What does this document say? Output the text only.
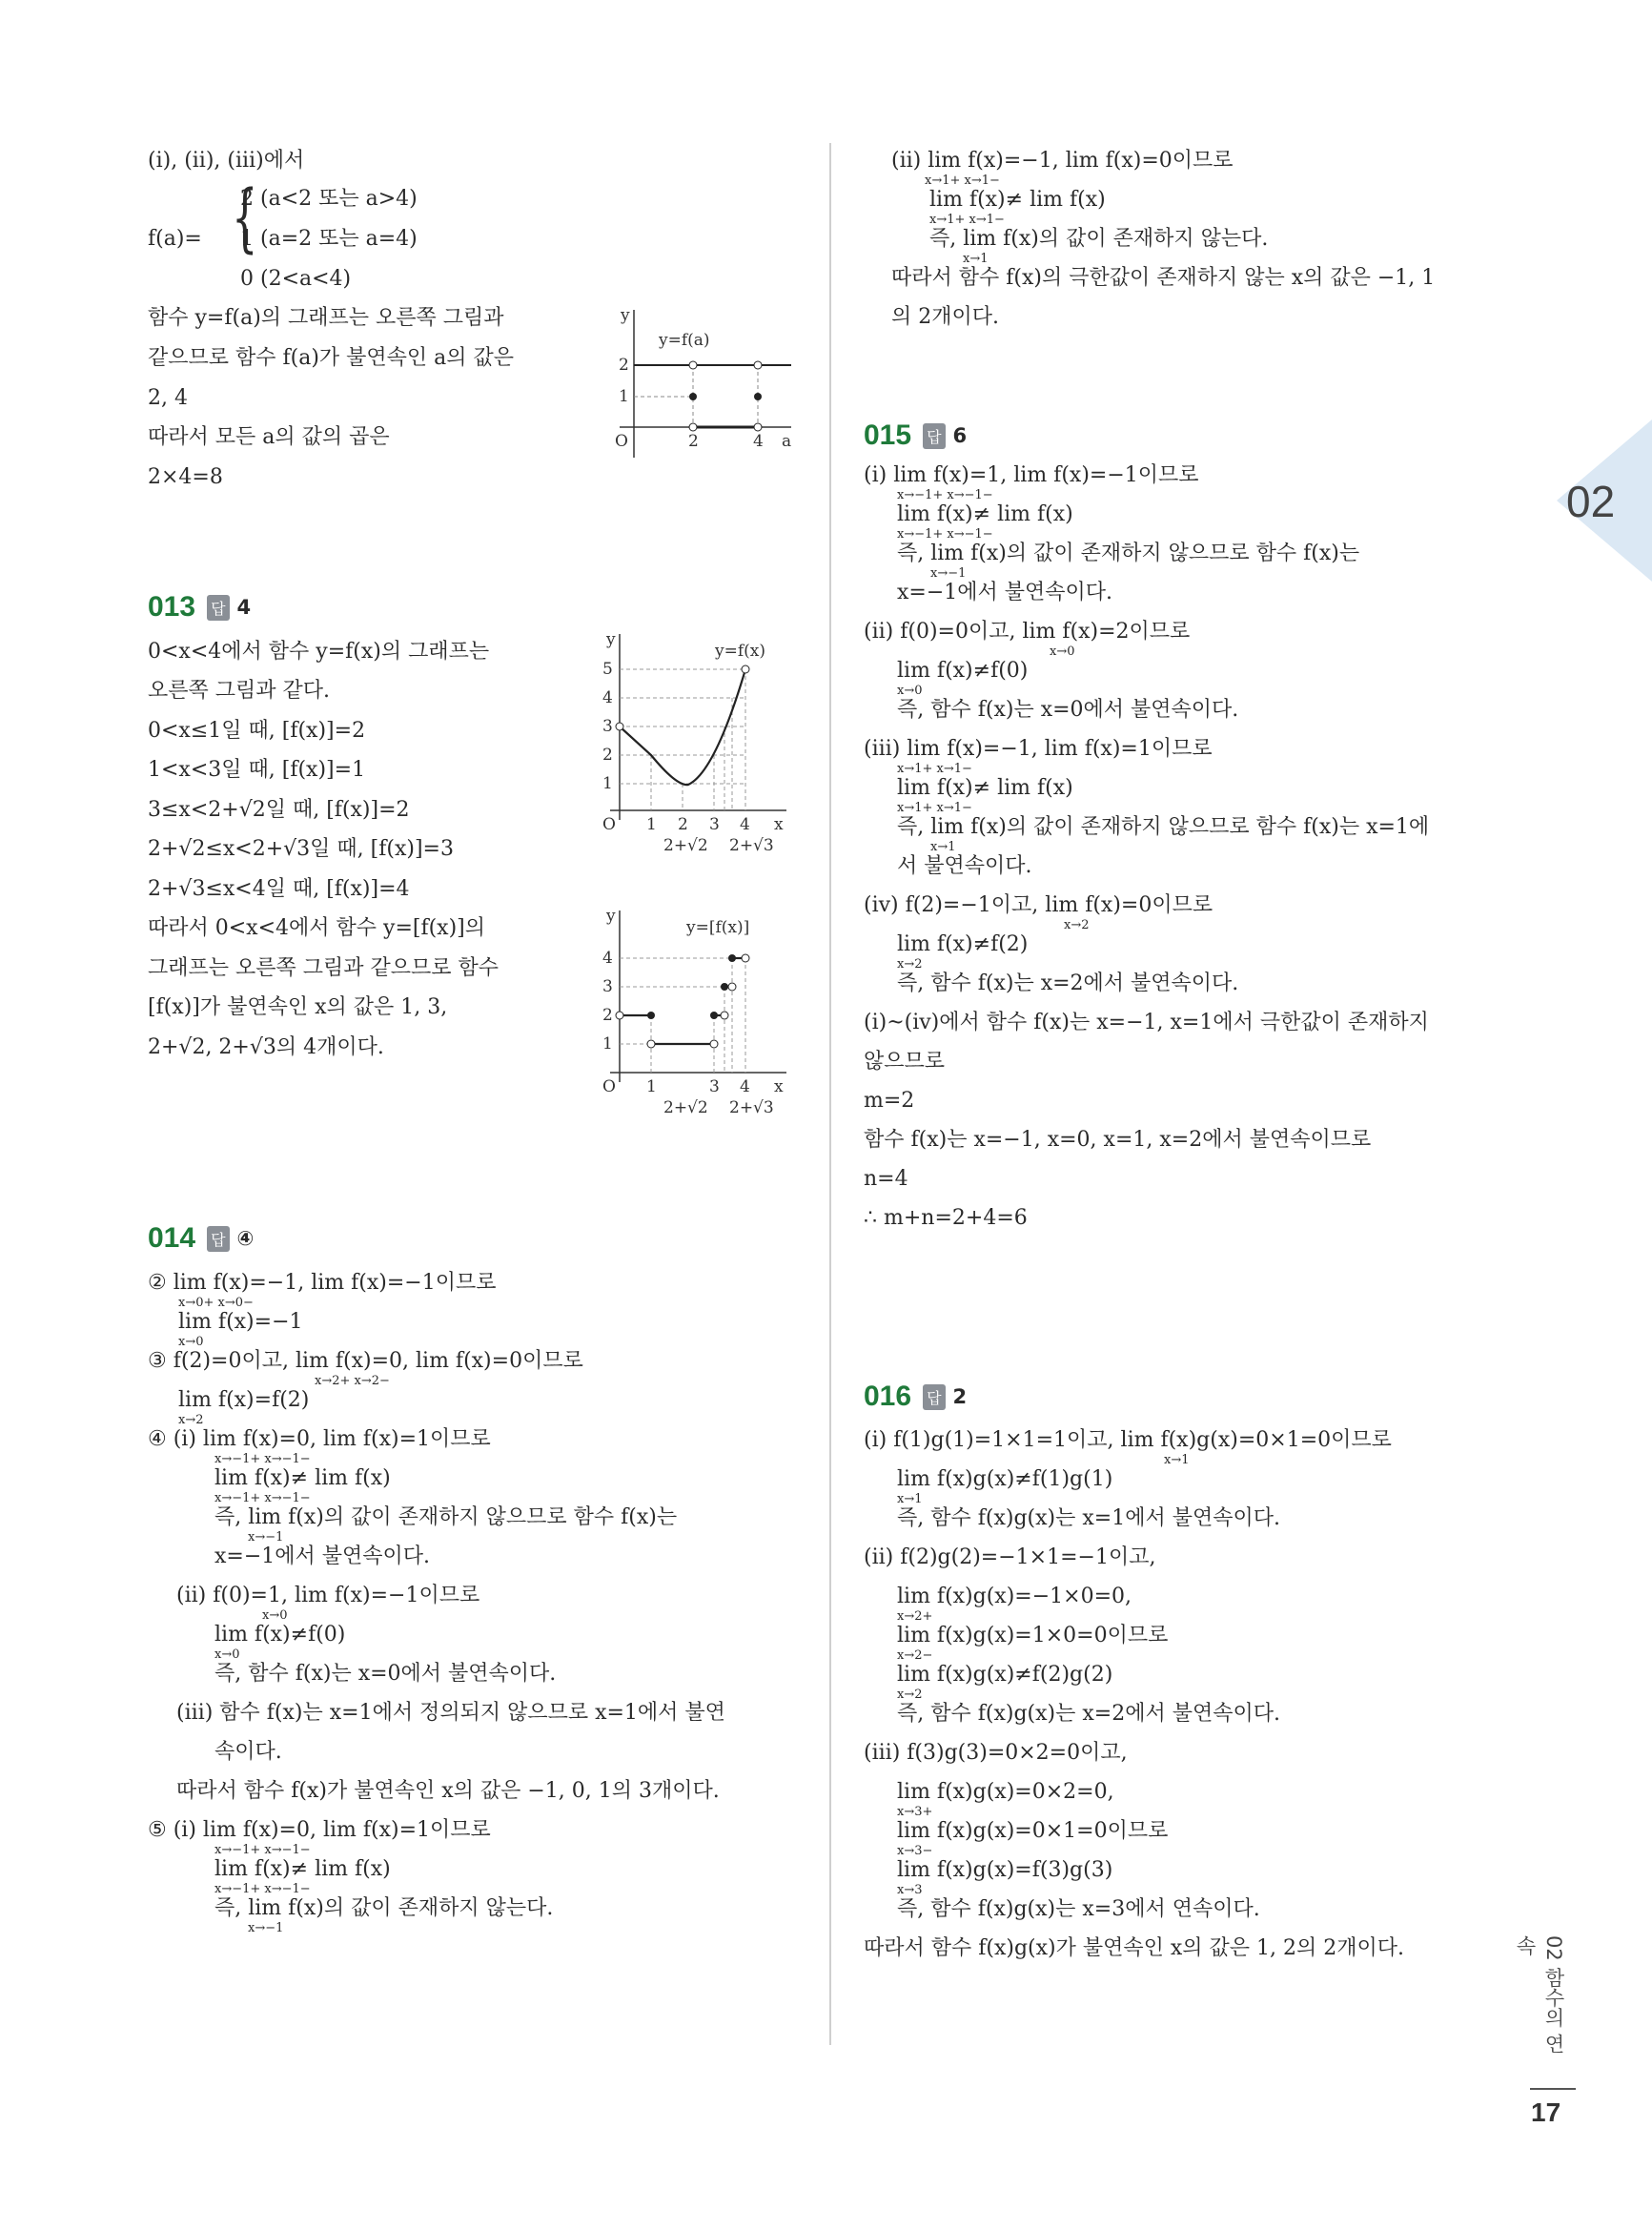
(ⅰ), (ⅱ), (ⅲ)에서
2 (a<2 또는 a>4)
f(a)= {
1 (a=2 또는 a=4)
0 (2<a<4)
함수 y=f(a)의 그래프는 오른쪽 그림과
같으므로 함수 f(a)가 불연속인 a의 값은
2, 4
따라서 모든 a의 값의 곱은
2×4=8
y
y=f(a)
2
1
O	2	4 a
013 답 4
0<x<4에서 함수 y=f(x)의 그래프는
오른쪽 그림과 같다.
0<x≤1일 때, [f(x)]=2
1<x<3일 때, [f(x)]=1
3≤x<2+√2일 때, [f(x)]=2
2+√2≤x<2+√3일 때, [f(x)]=3
2+√3≤x<4일 때, [f(x)]=4
따라서 0<x<4에서 함수 y=[f(x)]의
그래프는 오른쪽 그림과 같으므로 함수
[f(x)]가 불연속인 x의 값은 1, 3,
2+√2, 2+√3의 4개이다.
y
y=f(x)
5
4
3
2
1
O 1 2 3 4 x
2+√2 2+√3
y
y=[f(x)]
4
3
2
1
O 1	3 4 x
2+√2 2+√3
014 답 ④
② lim f(x)=−1, lim f(x)=−1이므로
x→0+ x→0−
lim f(x)=−1
x→0
③ f(2)=0이고, lim f(x)=0, lim f(x)=0이므로
x→2+ x→2−
lim f(x)=f(2)
x→2
④ (ⅰ) lim f(x)=0, lim f(x)=1이므로
x→−1+ x→−1−
lim f(x)≠ lim f(x)
x→−1+ x→−1−
즉, lim f(x)의 값이 존재하지 않으므로 함수 f(x)는
x→−1
x=−1에서 불연속이다.
(ⅱ) f(0)=1, lim f(x)=−1이므로
x→0
lim f(x)≠f(0)
x→0
즉, 함수 f(x)는 x=0에서 불연속이다.
(ⅲ) 함수 f(x)는 x=1에서 정의되지 않으므로 x=1에서 불연
속이다.
따라서 함수 f(x)가 불연속인 x의 값은 −1, 0, 1의 3개이다.
⑤ (ⅰ) lim f(x)=0, lim f(x)=1이므로
x→−1+ x→−1−
lim f(x)≠ lim f(x)
x→−1+ x→−1−
즉, lim f(x)의 값이 존재하지 않는다.
x→−1
(ⅱ) lim f(x)=−1, lim f(x)=0이므로
x→1+ x→1−
lim f(x)≠ lim f(x)
x→1+ x→1−
즉, lim f(x)의 값이 존재하지 않는다.
x→1
따라서 함수 f(x)의 극한값이 존재하지 않는 x의 값은 −1, 1
의 2개이다.
015 답 6
(ⅰ) lim f(x)=1, lim f(x)=−1이므로
x→−1+ x→−1−
lim f(x)≠ lim f(x)
x→−1+ x→−1−
즉, lim f(x)의 값이 존재하지 않으므로 함수 f(x)는
x→−1
x=−1에서 불연속이다.
(ⅱ) f(0)=0이고, lim f(x)=2이므로
x→0
lim f(x)≠f(0)
x→0
즉, 함수 f(x)는 x=0에서 불연속이다.
(ⅲ) lim f(x)=−1, lim f(x)=1이므로
x→1+ x→1−
lim f(x)≠ lim f(x)
x→1+ x→1−
즉, lim f(x)의 값이 존재하지 않으므로 함수 f(x)는 x=1에
x→1
서 불연속이다.
(ⅳ) f(2)=−1이고, lim f(x)=0이므로
x→2
lim f(x)≠f(2)
x→2
즉, 함수 f(x)는 x=2에서 불연속이다.
(ⅰ)~(ⅳ)에서 함수 f(x)는 x=−1, x=1에서 극한값이 존재하지
않으므로
m=2
함수 f(x)는 x=−1, x=0, x=1, x=2에서 불연속이므로
n=4
∴ m+n=2+4=6
016 답 2
(ⅰ) f(1)g(1)=1×1=1이고, lim f(x)g(x)=0×1=0이므로
x→1
lim f(x)g(x)≠f(1)g(1)
x→1
즉, 함수 f(x)g(x)는 x=1에서 불연속이다.
(ⅱ) f(2)g(2)=−1×1=−1이고,
lim f(x)g(x)=−1×0=0,
x→2+
lim f(x)g(x)=1×0=0이므로
x→2−
lim f(x)g(x)≠f(2)g(2)
x→2
즉, 함수 f(x)g(x)는 x=2에서 불연속이다.
(ⅲ) f(3)g(3)=0×2=0이고,
lim f(x)g(x)=0×2=0,
x→3+
lim f(x)g(x)=0×1=0이므로
x→3−
lim f(x)g(x)=f(3)g(3)
x→3
즉, 함수 f(x)g(x)는 x=3에서 연속이다.
따라서 함수 f(x)g(x)가 불연속인 x의 값은 1, 2의 2개이다.
02
02 함수의 연속
17
